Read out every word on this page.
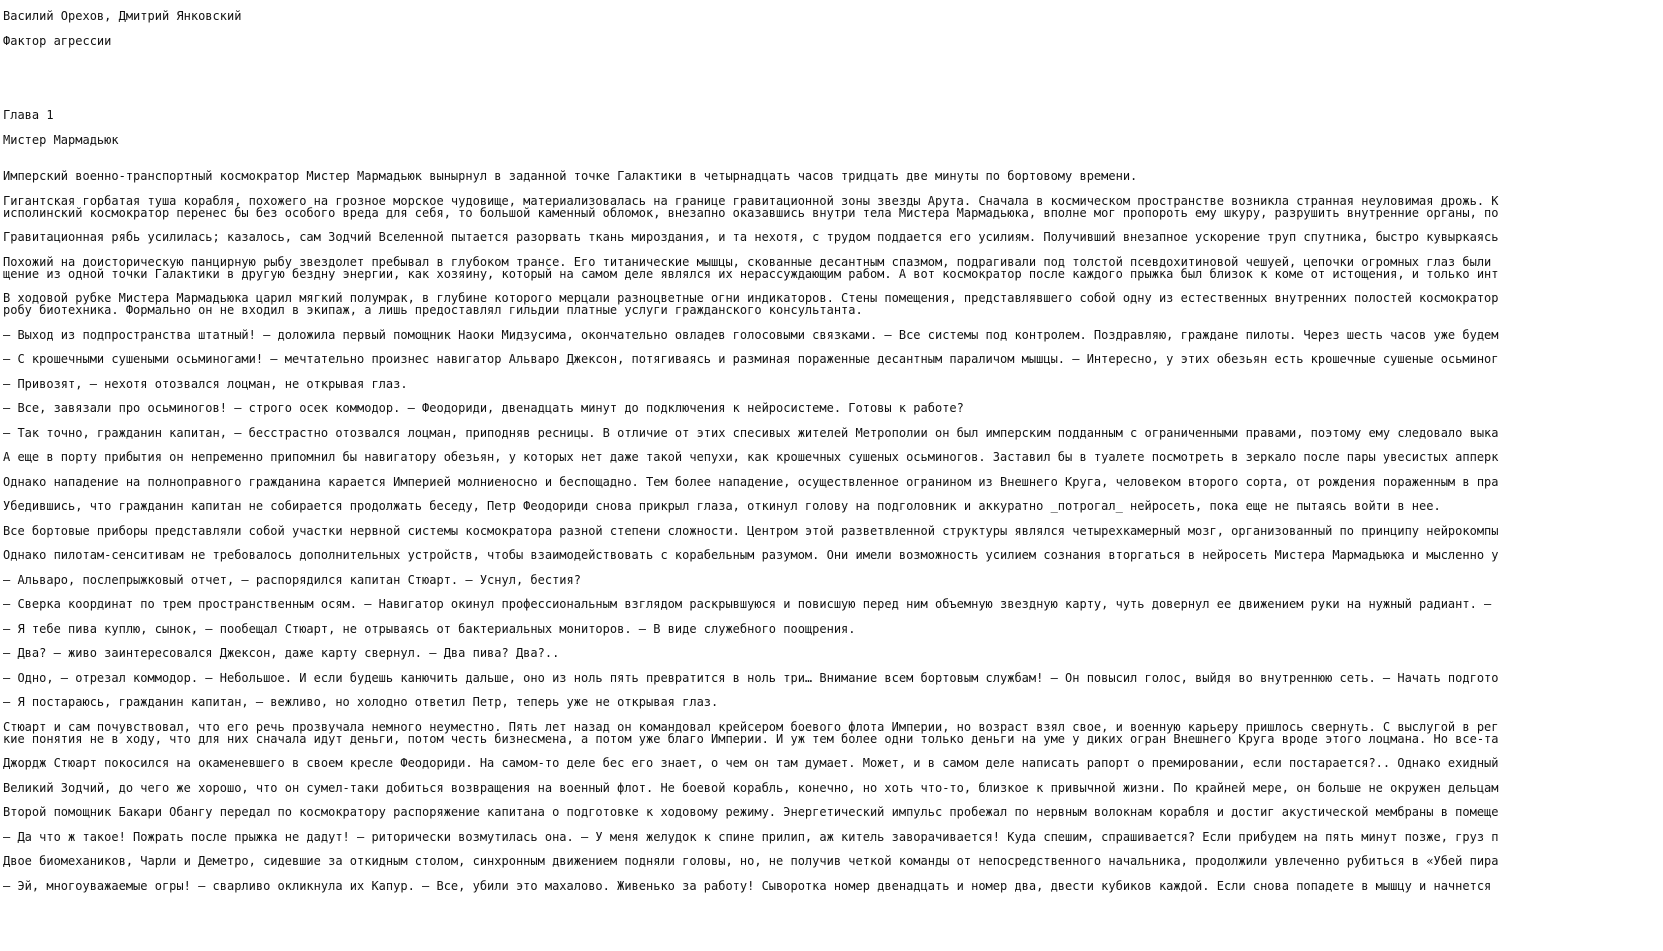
Василий Орехов, Дмитрий Янковский
Фактор агрессии
Глава 1
Мистер Мармадьюк
Имперский военно-транспортный космократор Мистер Мармадьюк вынырнул в заданной точке Галактики в четырнадцать часов тридцать две минуты по бортовому времени.
Гигантская горбатая туша корабля, похожего на грозное морское чудовище, материализовалась на границе гравитационной зоны звезды Арута. Сначала в космическом пространстве возникла странная неуловимая дрожь. К
исполинский космократор перенес бы без особого вреда для себя, то большой каменный обломок, внезапно оказавшись внутри тела Мистера Мармадьюка, вполне мог пропороть ему шкуру, разрушить внутренние органы, по
Гравитационная рябь усилилась; казалось, сам Зодчий Вселенной пытается разорвать ткань мироздания, и та нехотя, с трудом поддается его усилиям. Получивший внезапное ускорение труп спутника, быстро кувыркаясь
Похожий на доисторическую панцирную рыбу звездолет пребывал в глубоком трансе. Его титанические мышцы, скованные десантным спазмом, подрагивали под толстой псевдохитиновой чешуей, цепочки огромных глаз были
щение из одной точки Галактики в другую бездну энергии, как хозяину, который на самом деле являлся их нерассуждающим рабом. А вот космократор после каждого прыжка был близок к коме от истощения, и только инт
В ходовой рубке Мистера Мармадьюка царил мягкий полумрак, в глубине которого мерцали разноцветные огни индикаторов. Стены помещения, представлявшего собой одну из естественных внутренних полостей космократор
робу биотехника. Формально он не входил в экипаж, а лишь предоставлял гильдии платные услуги гражданского консультанта.
— Выход из подпространства штатный! — доложила первый помощник Наоки Мидзусима, окончательно овладев голосовыми связками. — Все системы под контролем. Поздравляю, граждане пилоты. Через шесть часов уже будем
— С крошечными сушеными осьминогами! — мечтательно произнес навигатор Альваро Джексон, потягиваясь и разминая пораженные десантным параличом мышцы. — Интересно, у этих обезьян есть крошечные сушеные осьминог
— Привозят, — нехотя отозвался лоцман, не открывая глаз.
— Все, завязали про осьминогов! — строго осек коммодор. — Феодориди, двенадцать минут до подключения к нейросистеме. Готовы к работе?
— Так точно, гражданин капитан, — бесстрастно отозвался лоцман, приподняв ресницы. В отличие от этих спесивых жителей Метрополии он был имперским подданным с ограниченными правами, поэтому ему следовало выка
А еще в порту прибытия он непременно припомнил бы навигатору обезьян, у которых нет даже такой чепухи, как крошечных сушеных осьминогов. Заставил бы в туалете посмотреть в зеркало после пары увесистых апперк
Однако нападение на полноправного гражданина карается Империей молниеносно и беспощадно. Тем более нападение, осуществленное огранином из Внешнего Круга, человеком второго сорта, от рождения пораженным в пра
Убедившись, что гражданин капитан не собирается продолжать беседу, Петр Феодориди снова прикрыл глаза, откинул голову на подголовник и аккуратно _потрогал_ нейросеть, пока еще не пытаясь войти в нее.
Все бортовые приборы представляли собой участки нервной системы космократора разной степени сложности. Центром этой разветвленной структуры являлся четырехкамерный мозг, организованный по принципу нейрокомпы
Однако пилотам-сенситивам не требовалось дополнительных устройств, чтобы взаимодействовать с корабельным разумом. Они имели возможность усилием сознания вторгаться в нейросеть Мистера Мармадьюка и мысленно у
— Альваро, послепрыжковый отчет, — распорядился капитан Стюарт. — Уснул, бестия?
— Сверка координат по трем пространственным осям. — Навигатор окинул профессиональным взглядом раскрывшуюся и повисшую перед ним объемную звездную карту, чуть довернул ее движением руки на нужный радиант. —
— Я тебе пива куплю, сынок, — пообещал Стюарт, не отрываясь от бактериальных мониторов. — В виде служебного поощрения.
— Два? — живо заинтересовался Джексон, даже карту свернул. — Два пива? Два?..
— Одно, — отрезал коммодор. — Небольшое. И если будешь канючить дальше, оно из ноль пять превратится в ноль три… Внимание всем бортовым службам! — Он повысил голос, выйдя во внутреннюю сеть. — Начать подгото
— Я постараюсь, гражданин капитан, — вежливо, но холодно ответил Петр, теперь уже не открывая глаз.
Стюарт и сам почувствовал, что его речь прозвучала немного неуместно. Пять лет назад он командовал крейсером боевого флота Империи, но возраст взял свое, и военную карьеру пришлось свернуть. С выслугой в рег
кие понятия не в ходу, что для них сначала идут деньги, потом честь бизнесмена, а потом уже благо Империи. И уж тем более одни только деньги на уме у диких огран Внешнего Круга вроде этого лоцмана. Но все-та
Джордж Стюарт покосился на окаменевшего в своем кресле Феодориди. На самом-то деле бес его знает, о чем он там думает. Может, и в самом деле написать рапорт о премировании, если постарается?.. Однако ехидный
Великий Зодчий, до чего же хорошо, что он сумел-таки добиться возвращения на военный флот. Не боевой корабль, конечно, но хоть что-то, близкое к привычной жизни. По крайней мере, он больше не окружен дельцам
Второй помощник Бакари Обангу передал по космократору распоряжение капитана о подготовке к ходовому режиму. Энергетический импульс пробежал по нервным волокнам корабля и достиг акустической мембраны в помеще
— Да что ж такое! Пожрать после прыжка не дадут! — риторически возмутилась она. — У меня желудок к спине прилип, аж китель заворачивается! Куда спешим, спрашивается? Если прибудем на пять минут позже, груз п
Двое биомехаников, Чарли и Деметро, сидевшие за откидным столом, синхронным движением подняли головы, но, не получив четкой команды от непосредственного начальника, продолжили увлеченно рубиться в «Убей пира
— Эй, многоуважаемые огры! — сварливо окликнула их Капур. — Все, убили это махалово. Живенько за работу! Сыворотка номер двенадцать и номер два, двести кубиков каждой. Если снова попадете в мышцу и начнется
